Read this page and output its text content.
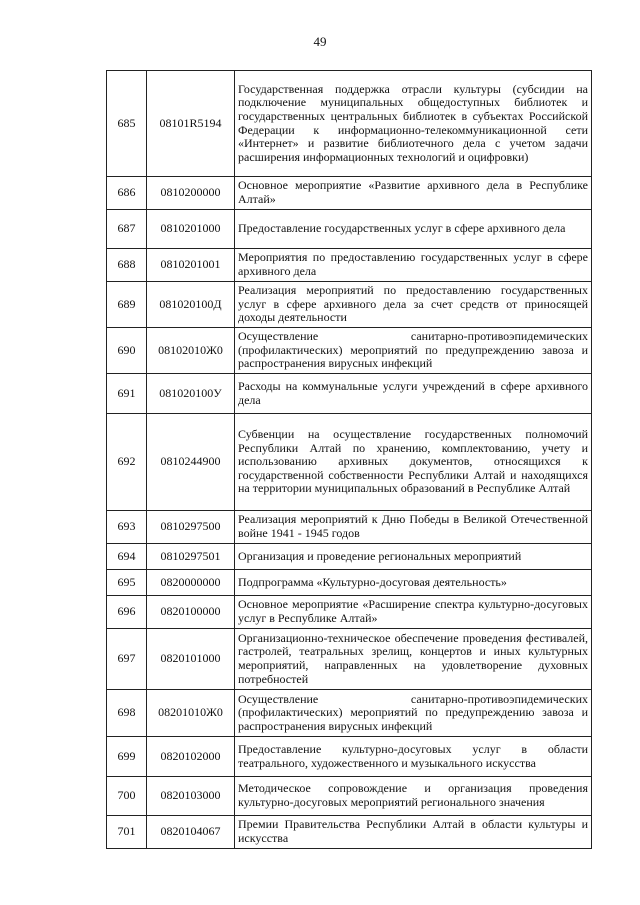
49
685	08101R5194	Государственная поддержка отрасли культуры (субсидии на подключение муниципальных общедоступных библиотек и государственных центральных библиотек в субъектах Российской Федерации к информационно-телекоммуникационной сети «Интернет» и развитие библиотечного дела с учетом задачи расширения информационных технологий и оцифровки)
686	0810200000	Основное мероприятие «Развитие архивного дела в Республике Алтай»
687	0810201000	Предоставление государственных услуг в сфере архивного дела
688	0810201001	Мероприятия по предоставлению государственных услуг в сфере архивного дела
689	081020100Д	Реализация мероприятий по предоставлению государственных услуг в сфере архивного дела за счет средств от приносящей доходы деятельности
690	08102010Ж0	Осуществление санитарно-противоэпидемических (профилактических) мероприятий по предупреждению завоза и распространения вирусных инфекций
691	081020100У	Расходы на коммунальные услуги учреждений в сфере архивного дела
692	0810244900	Субвенции на осуществление государственных полномочий Республики Алтай по хранению, комплектованию, учету и использованию архивных документов, относящихся к государственной собственности Республики Алтай и находящихся на территории муниципальных образований в Республике Алтай
693	0810297500	Реализация мероприятий к Дню Победы в Великой Отечественной войне 1941 - 1945 годов
694	0810297501	Организация и проведение региональных мероприятий
695	0820000000	Подпрограмма «Культурно-досуговая деятельность»
696	0820100000	Основное мероприятие «Расширение спектра культурно-досуговых услуг в Республике Алтай»
697	0820101000	Организационно-техническое обеспечение проведения фестивалей, гастролей, театральных зрелищ, концертов и иных культурных мероприятий, направленных на удовлетворение духовных потребностей
698	08201010Ж0	Осуществление санитарно-противоэпидемических (профилактических) мероприятий по предупреждению завоза и распространения вирусных инфекций
699	0820102000	Предоставление культурно-досуговых услуг в области театрального, художественного и музыкального искусства
700	0820103000	Методическое сопровождение и организация проведения культурно-досуговых мероприятий регионального значения
701	0820104067	Премии Правительства Республики Алтай в области культуры и искусства
